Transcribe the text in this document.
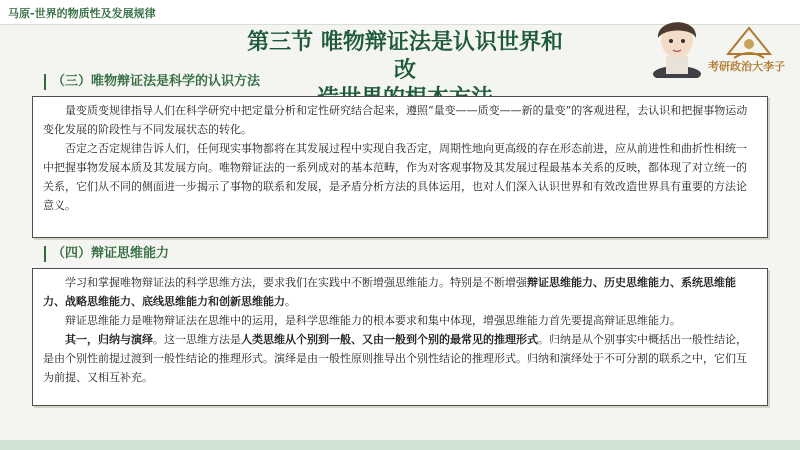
马原-世界的物质性及发展规律
第三节 唯物辩证法是认识世界和改	考研政治大李子
（三）唯物辩证法是科学的认识方法

量变质变规律指导人们在科学研究中把定量分析和定性研究结合起来，遵照“量变——质变——新的量变”的客观进程，去认识和把握事物运动变化发展的阶段性与不同发展状态的转化。

否定之否定规律告诉人们，任何现实事物都将在其发展过程中实现自我否定，周期性地向更高级的存在形态前进，应从前进性和曲折性相统一中把握事物发展本质及其发展方向。唯物辩证法的一系列成对的基本范畴，作为对客观事物及其发展过程最基本关系的反映，都体现了对立统一的关系，它们从不同的侧面进一步揭示了事物的联系和发展，是矛盾分析方法的具体运用，也对人们深入认识世界和有效改造世界具有重要的方法论意义。

（四）辩证思维能力

学习和掌握唯物辩证法的科学思维方法，要求我们在实践中不断增强思维能力。特别是不断增强辩证思维能力、历史思维能力、系统思维能力、战略思维能力、底线思维能力和创新思维能力。

辩证思维能力是唯物辩证法在思维中的运用，是科学思维能力的根本要求和集中体现，增强思维能力首先要提高辩证思维能力。

其一，归纳与演绎。这一思维方法是人类思维从个别到一般、又由一般到个别的最常见的推理形式。归纳是从个别事实中概括出一般性结论，是由个别性前提过渡到一般性结论的推理形式。演绎是由一般性原则推导出个别性结论的推理形式。归纳和演绎处于不可分割的联系之中，它们互为前提、又相互补充。
